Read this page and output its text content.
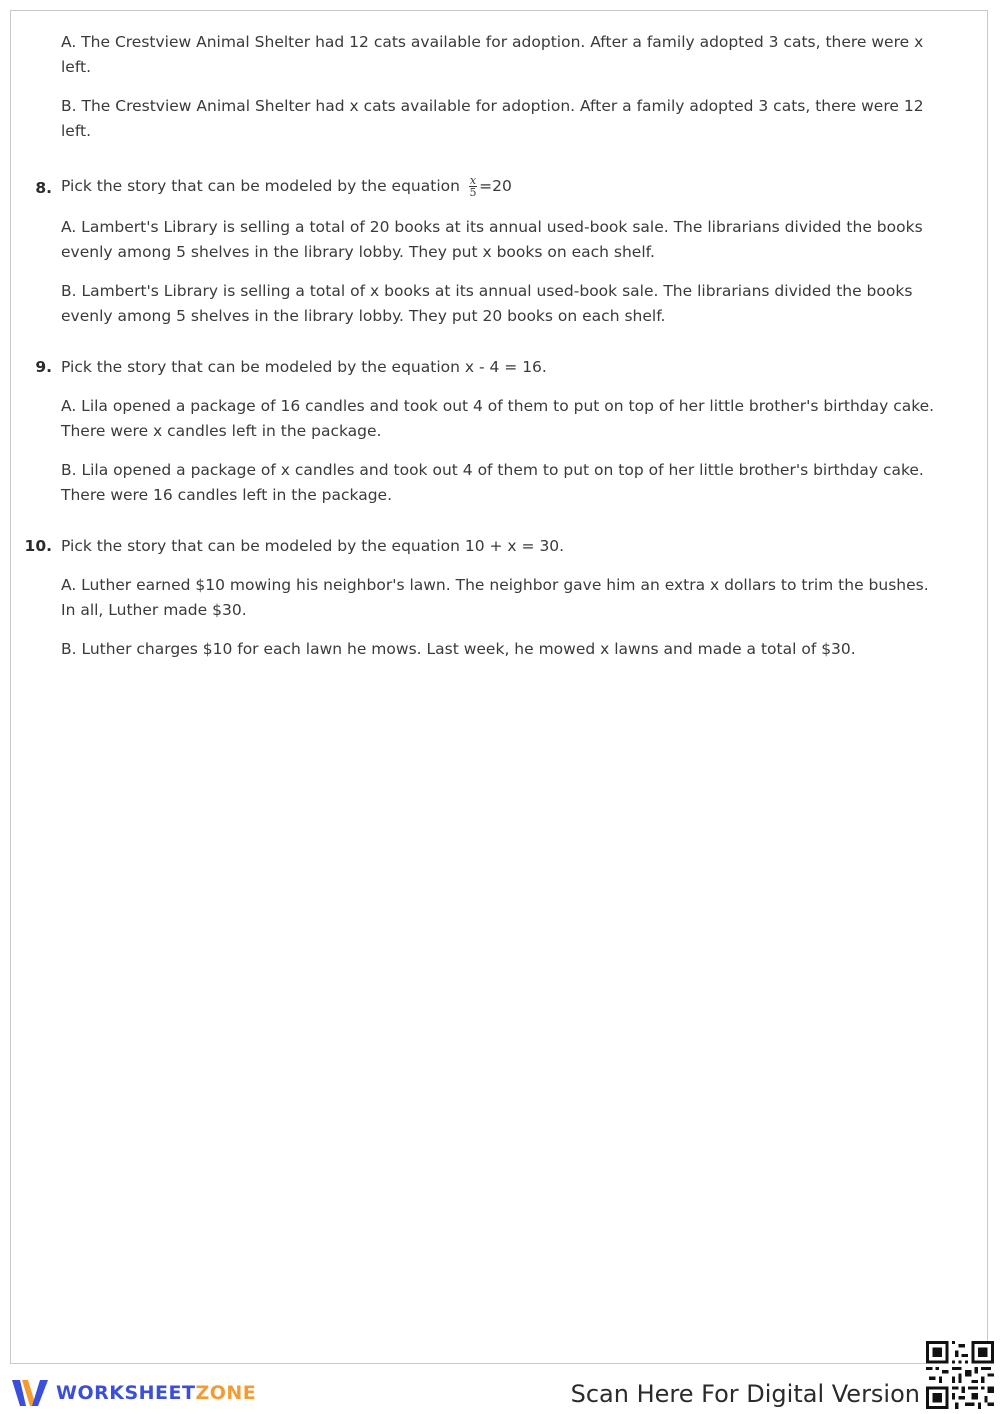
A. The Crestview Animal Shelter had 12 cats available for adoption. After a family adopted 3 cats, there were x left.
B. The Crestview Animal Shelter had x cats available for adoption. After a family adopted 3 cats, there were 12 left.
8. Pick the story that can be modeled by the equation $\frac{x}{5} =20$
A. Lambert's Library is selling a total of 20 books at its annual used-book sale. The librarians divided the books evenly among 5 shelves in the library lobby. They put x books on each shelf.
B. Lambert's Library is selling a total of x books at its annual used-book sale. The librarians divided the books evenly among 5 shelves in the library lobby. They put 20 books on each shelf.
9. Pick the story that can be modeled by the equation x - 4 = 16.
A. Lila opened a package of 16 candles and took out 4 of them to put on top of her little brother's birthday cake. There were x candles left in the package.
B. Lila opened a package of x candles and took out 4 of them to put on top of her little brother's birthday cake. There were 16 candles left in the package.
10. Pick the story that can be modeled by the equation 10 + x = 30.
A. Luther earned $10 mowing his neighbor's lawn. The neighbor gave him an extra x dollars to trim the bushes. In all, Luther made $30.
B. Luther charges $10 for each lawn he mows. Last week, he mowed x lawns and made a total of $30.
WORKSHEETZONE	Scan Here For Digital Version
